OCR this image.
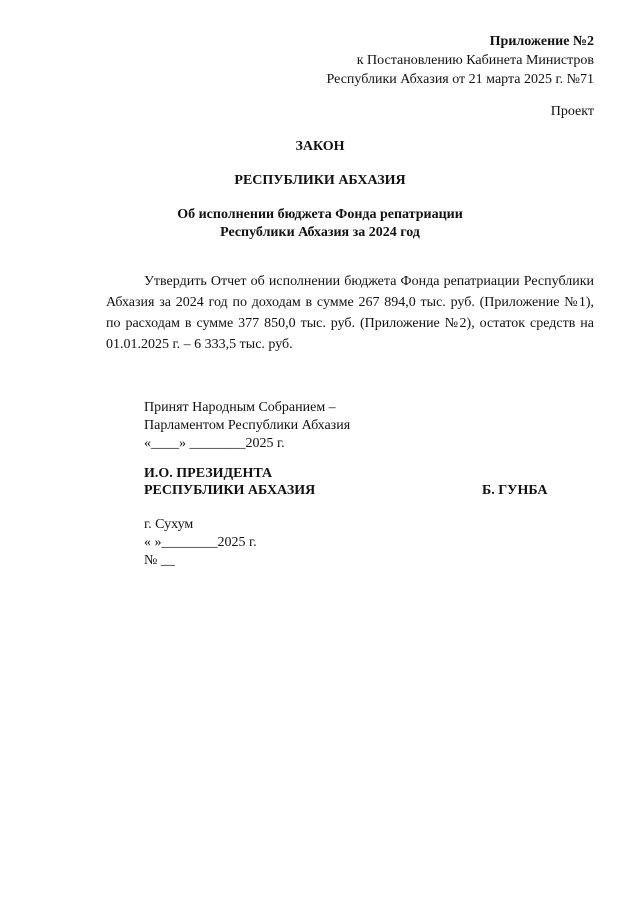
Приложение №2
к Постановлению Кабинета Министров
Республики Абхазия от 21 марта 2025 г. №71
Проект
ЗАКОН
РЕСПУБЛИКИ АБХАЗИЯ
Об исполнении бюджета Фонда репатриации
Республики Абхазия за 2024 год
Утвердить Отчет об исполнении бюджета Фонда репатриации Республики Абхазия за 2024 год по доходам в сумме 267 894,0 тыс. руб. (Приложение №1), по расходам в сумме 377 850,0 тыс. руб. (Приложение №2), остаток средств на 01.01.2025 г. – 6 333,5 тыс. руб.
Принят Народным Собранием –
Парламентом Республики Абхазия
«____» ________2025 г.
И.О. ПРЕЗИДЕНТА
РЕСПУБЛИКИ АБХАЗИЯ	Б. ГУНБА
г. Сухум
« »________2025 г.
№ __
